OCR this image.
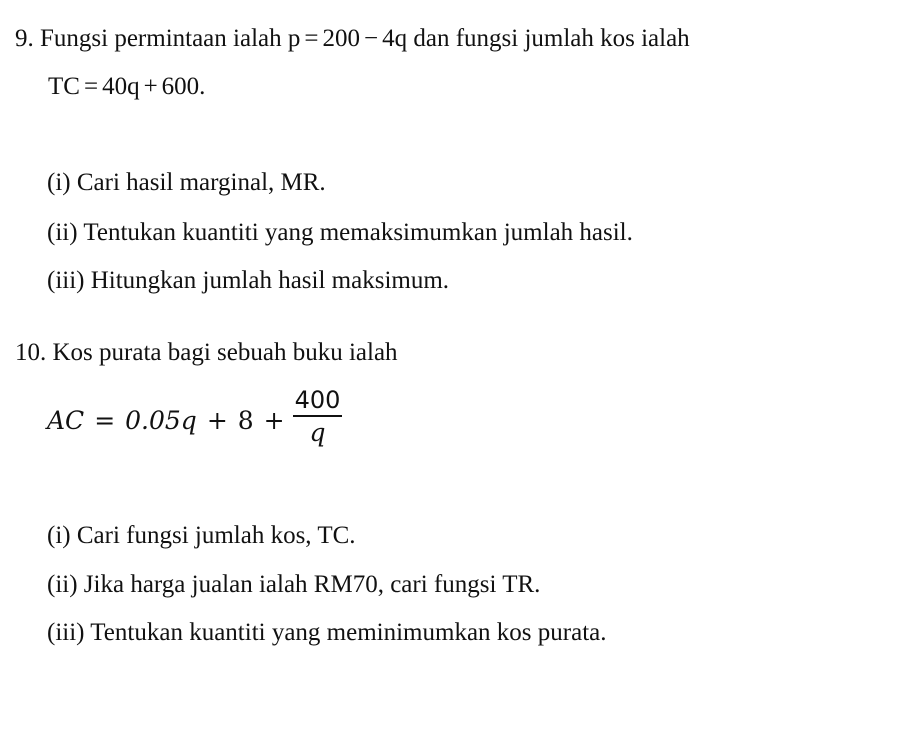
9. Fungsi permintaan ialah p = 200 − 4q dan fungsi jumlah kos ialah
TC = 40q + 600.
(i) Cari hasil marginal, MR.
(ii) Tentukan kuantiti yang memaksimumkan jumlah hasil.
(iii) Hitungkan jumlah hasil maksimum.
10. Kos purata bagi sebuah buku ialah
AC = $0.05q + 8 + \frac{400}{q}$
(i) Cari fungsi jumlah kos, TC.
(ii) Jika harga jualan ialah RM70, cari fungsi TR.
(iii) Tentukan kuantiti yang meminimumkan kos purata.
